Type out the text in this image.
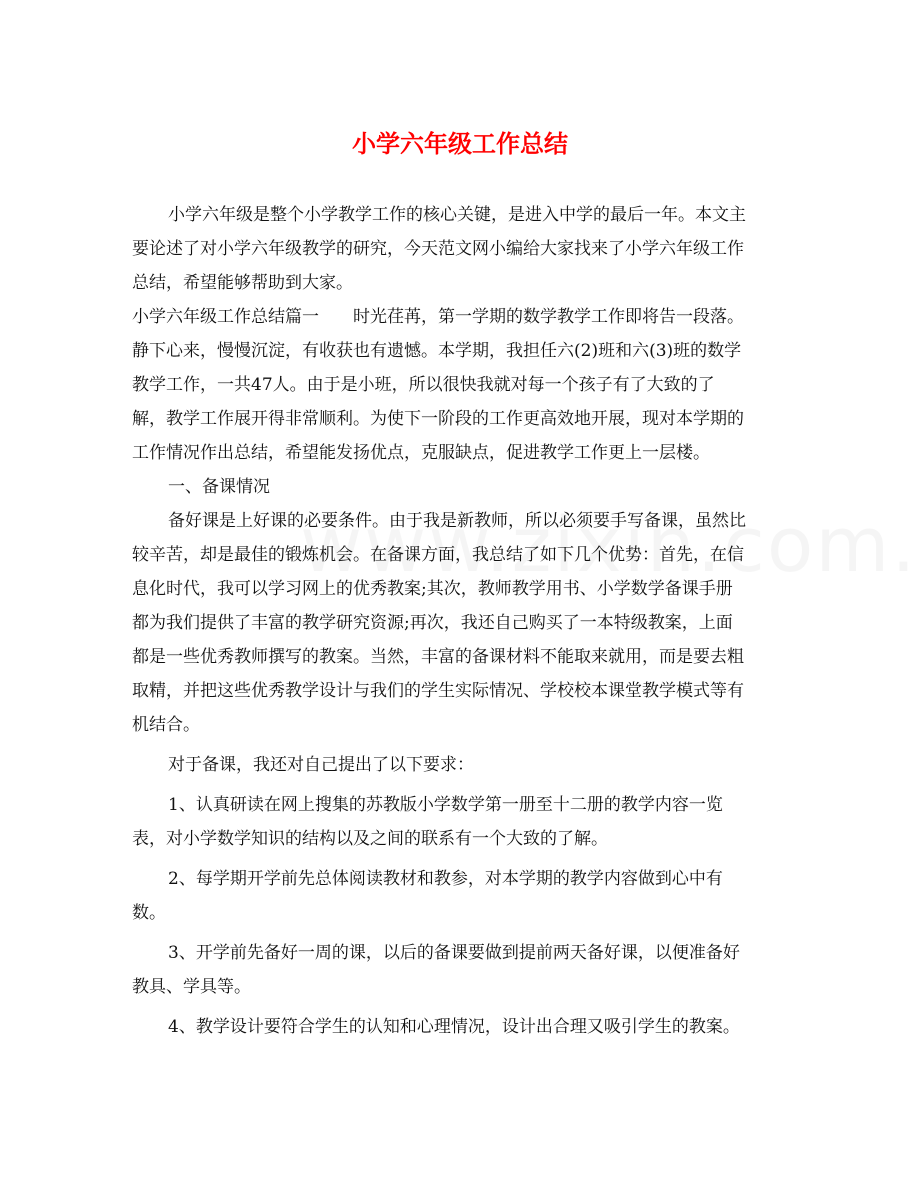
小学六年级工作总结
小学六年级是整个小学教学工作的核心关键，是进入中学的最后一年。本文主
要论述了对小学六年级教学的研究，今天范文网小编给大家找来了小学六年级工作
总结，希望能够帮助到大家。
小学六年级工作总结篇一　　时光荏苒，第一学期的数学教学工作即将告一段落。
静下心来，慢慢沉淀，有收获也有遗憾。本学期，我担任六(2)班和六(3)班的数学
教学工作，一共47人。由于是小班，所以很快我就对每一个孩子有了大致的了
解，教学工作展开得非常顺利。为使下一阶段的工作更高效地开展，现对本学期的
工作情况作出总结，希望能发扬优点，克服缺点，促进教学工作更上一层楼。
一、备课情况
备好课是上好课的必要条件。由于我是新教师，所以必须要手写备课，虽然比
较辛苦，却是最佳的锻炼机会。在备课方面，我总结了如下几个优势：首先，在信
息化时代，我可以学习网上的优秀教案;其次，教师教学用书、小学数学备课手册
都为我们提供了丰富的教学研究资源;再次，我还自己购买了一本特级教案，上面
都是一些优秀教师撰写的教案。当然，丰富的备课材料不能取来就用，而是要去粗
取精，并把这些优秀教学设计与我们的学生实际情况、学校校本课堂教学模式等有
机结合。
对于备课，我还对自己提出了以下要求：
1、认真研读在网上搜集的苏教版小学数学第一册至十二册的教学内容一览
表，对小学数学知识的结构以及之间的联系有一个大致的了解。
2、每学期开学前先总体阅读教材和教参，对本学期的教学内容做到心中有
数。
3、开学前先备好一周的课，以后的备课要做到提前两天备好课，以便准备好
教具、学具等。
4、教学设计要符合学生的认知和心理情况，设计出合理又吸引学生的教案。
